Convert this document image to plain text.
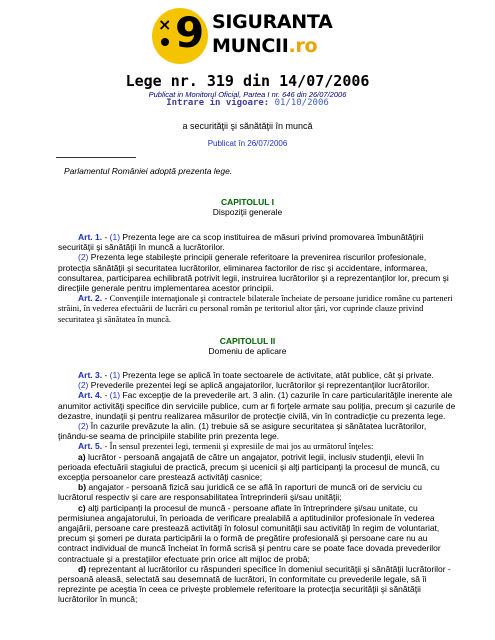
× 9 SIGURANTA
MUNCII.ro
Lege nr. 319 din 14/07/2006
Publicat in Monitorul Oficial, Partea I nr. 646 din 26/07/2006
Intrare in vigoare: 01/10/2006
a securităţii şi sănătăţii în muncă
Publicat în 26/07/2006
Parlamentul României adoptă prezenta lege.
CAPITOLUL I
Dispoziţii generale

Art. 1. - (1) Prezenta lege are ca scop instituirea de măsuri privind promovarea îmbunătăţirii securităţii şi sănătăţii în muncă a lucrătorilor.

(2) Prezenta lege stabileşte principii generale referitoare la prevenirea riscurilor profesionale, protecţia sănătăţii şi securitatea lucrătorilor, eliminarea factorilor de risc şi accidentare, informarea, consultarea, participarea echilibrată potrivit legii, instruirea lucrătorilor şi a reprezentanţilor lor, precum şi direcţiile generale pentru implementarea acestor principii.

Art. 2. - Convenţiile internaţionale şi contractele bilaterale încheiate de persoane juridice române cu parteneri străini, în vederea efectuării de lucrări cu personal român pe teritoriul altor ţări, vor cuprinde clauze privind securitatea şi sănătatea în muncă.

CAPITOLUL II
Domeniu de aplicare

Art. 3. - (1) Prezenta lege se aplică în toate sectoarele de activitate, atât publice, cât şi private.

(2) Prevederile prezentei legi se aplică angajatorilor, lucrătorilor şi reprezentanţilor lucrătorilor.

Art. 4. - (1) Fac excepţie de la prevederile art. 3 alin. (1) cazurile în care particularităţile inerente ale anumitor activităţi specifice din serviciile publice, cum ar fi forţele armate sau poliţia, precum şi cazurile de dezastre, inundaţii şi pentru realizarea măsurilor de protecţie civilă, vin în contradicţie cu prezenta lege.

(2) În cazurile prevăzute la alin. (1) trebuie să se asigure securitatea şi sănătatea lucrătorilor, ţinându-se seama de principiile stabilite prin prezenta lege.

Art. 5. - În sensul prezentei legi, termenii şi expresiile de mai jos au următorul înţeles:

a) lucrător - persoană angajată de către un angajator, potrivit legii, inclusiv studenţii, elevii în perioada efectuării stagiului de practică, precum şi ucenicii şi alţi participanţi la procesul de muncă, cu excepţia persoanelor care prestează activităţi casnice;

b) angajator - persoană fizică sau juridică ce se află în raporturi de muncă ori de serviciu cu lucrătorul respectiv şi care are responsabilitatea întreprinderii şi/sau unităţii;

c) alţi participanţi la procesul de muncă - persoane aflate în întreprindere şi/sau unitate, cu permisiunea angajatorului, în perioada de verificare prealabilă a aptitudinilor profesionale în vederea angajării, persoane care prestează activităţi în folosul comunităţii sau activităţi în regim de voluntariat, precum şi şomeri pe durata participării la o formă de pregătire profesională şi persoane care nu au contract individual de muncă încheiat în formă scrisă şi pentru care se poate face dovada prevederilor contractuale şi a prestaţiilor efectuate prin orice alt mijloc de probă;

d) reprezentant al lucrătorilor cu răspunderi specifice în domeniul securităţii şi sănătăţii lucrătorilor - persoană aleasă, selectată sau desemnată de lucrători, în conformitate cu prevederile legale, să îi reprezinte pe aceştia în ceea ce priveşte problemele referitoare la protecţia securităţii şi sănătăţii lucrătorilor în muncă;
